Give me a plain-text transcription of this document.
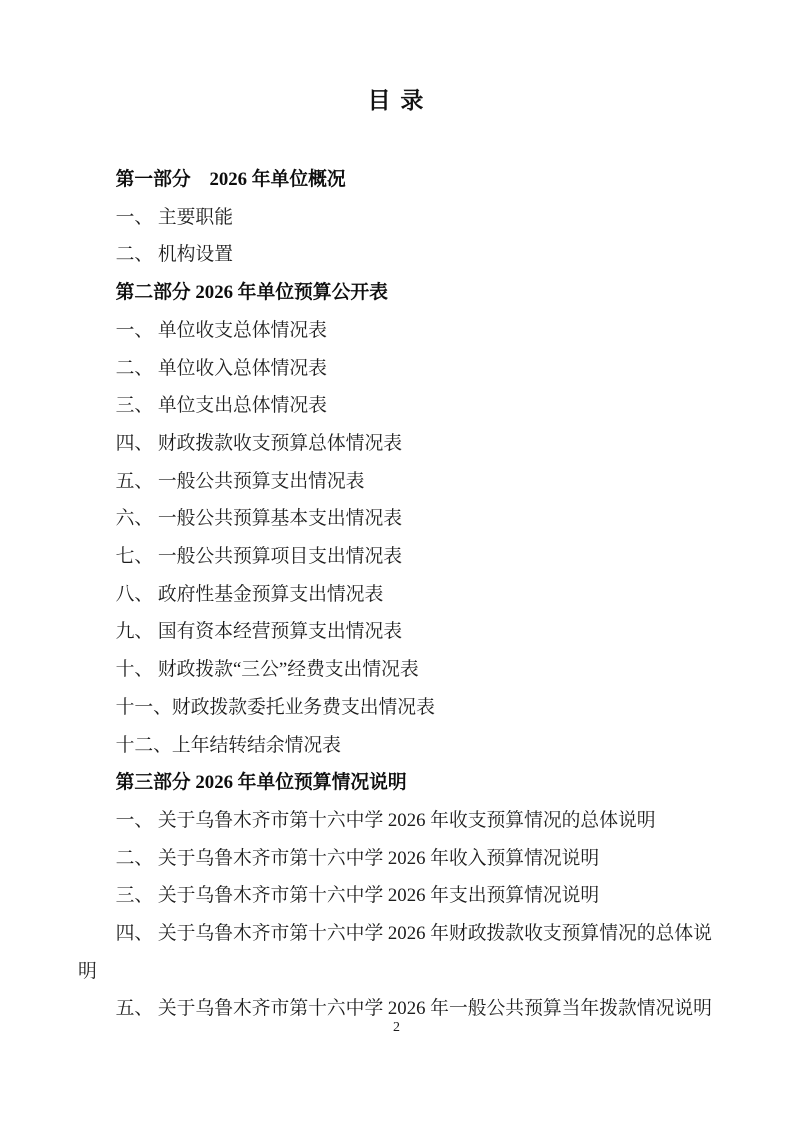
目 录

第一部分　2026 年单位概况

一、 主要职能

二、 机构设置

第二部分 2026 年单位预算公开表

一、 单位收支总体情况表

二、 单位收入总体情况表

三、 单位支出总体情况表

四、 财政拨款收支预算总体情况表

五、 一般公共预算支出情况表

六、 一般公共预算基本支出情况表

七、 一般公共预算项目支出情况表

八、 政府性基金预算支出情况表

九、 国有资本经营预算支出情况表

十、 财政拨款“三公”经费支出情况表

十一、财政拨款委托业务费支出情况表

十二、上年结转结余情况表

第三部分 2026 年单位预算情况说明

一、 关于乌鲁木齐市第十六中学 2026 年收支预算情况的总体说明

二、 关于乌鲁木齐市第十六中学 2026 年收入预算情况说明

三、 关于乌鲁木齐市第十六中学 2026 年支出预算情况说明

四、 关于乌鲁木齐市第十六中学 2026 年财政拨款收支预算情况的总体说明

五、 关于乌鲁木齐市第十六中学 2026 年一般公共预算当年拨款情况说明

2
